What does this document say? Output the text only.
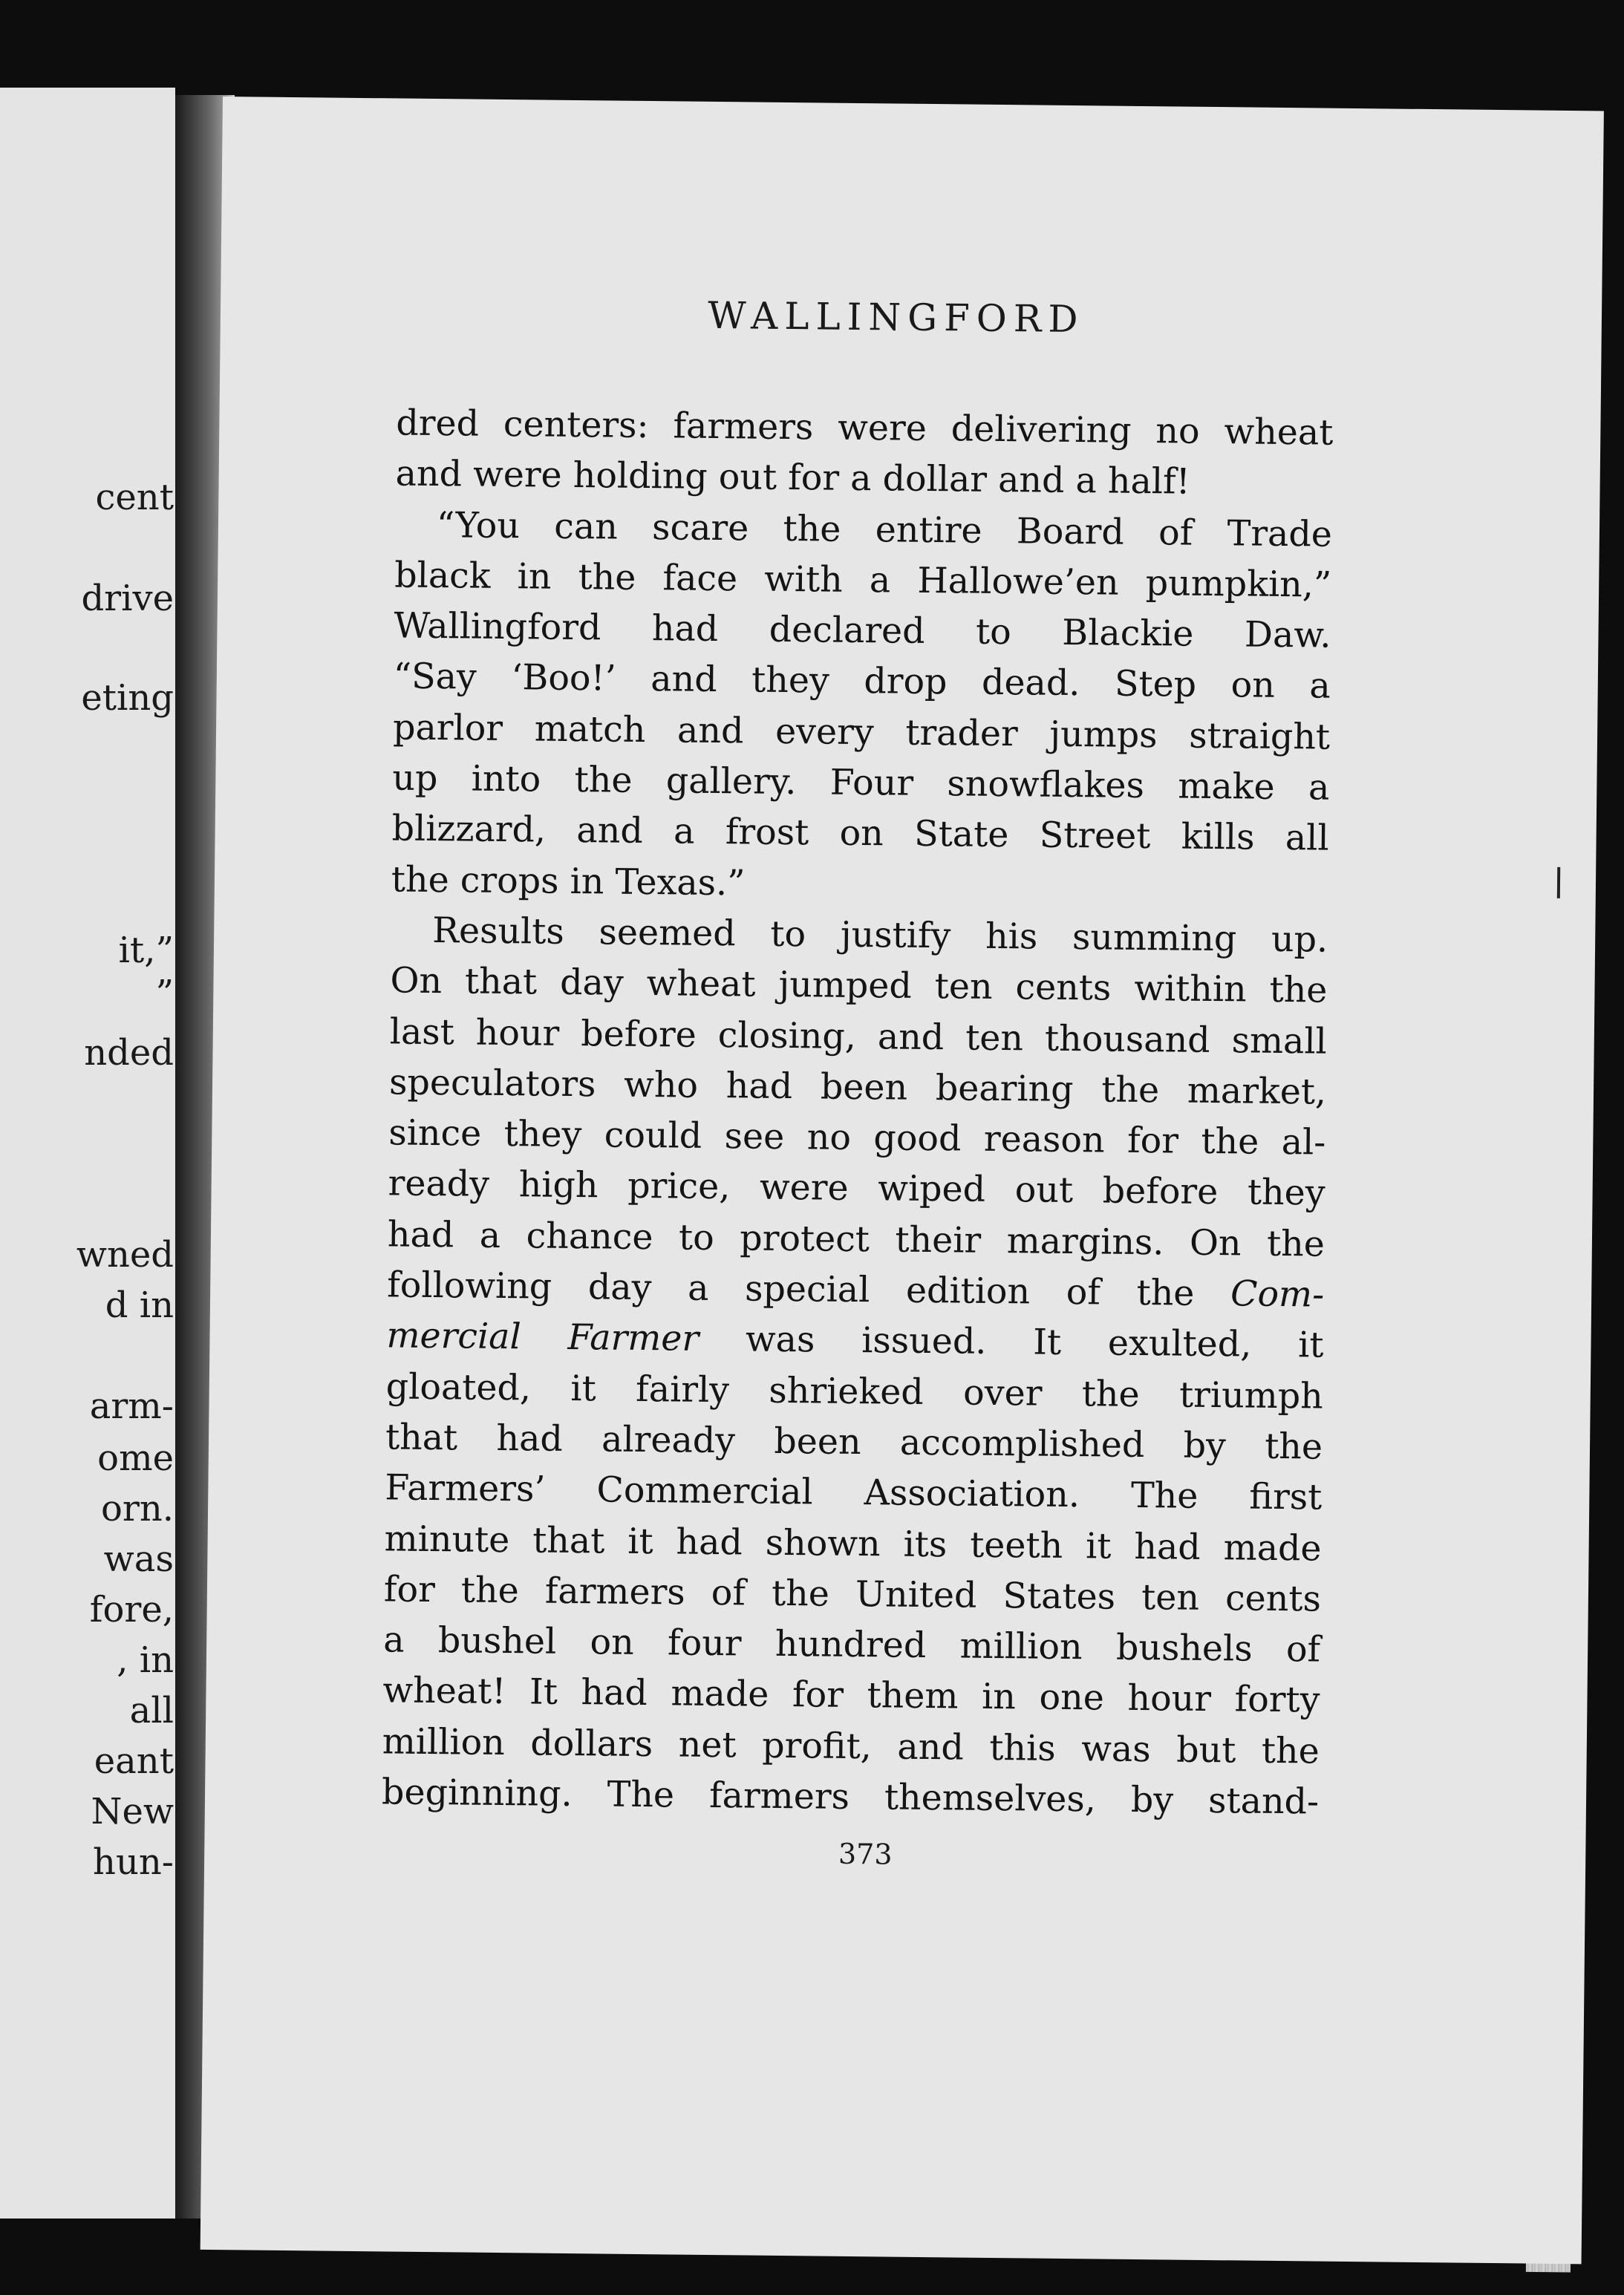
cent
drive
eting
it,”
”
nded
wned
d in
arm-
ome
orn.
was
fore,
, in
all
eant
New
hun-
WALLINGFORD
dred centers: farmers were delivering no wheat
and were holding out for a dollar and a half!
“You can scare the entire Board of Trade
black in the face with a Hallowe’en pumpkin,”
Wallingford had declared to Blackie Daw.
“Say ‘Boo!’ and they drop dead. Step on a
parlor match and every trader jumps straight
up into the gallery. Four snowflakes make a
blizzard, and a frost on State Street kills all
the crops in Texas.”
Results seemed to justify his summing up.
On that day wheat jumped ten cents within the
last hour before closing, and ten thousand small
speculators who had been bearing the market,
since they could see no good reason for the al-
ready high price, were wiped out before they
had a chance to protect their margins. On the
following day a special edition of the Com-
mercial Farmer was issued. It exulted, it
gloated, it fairly shrieked over the triumph
that had already been accomplished by the
Farmers’ Commercial Association. The first
minute that it had shown its teeth it had made
for the farmers of the United States ten cents
a bushel on four hundred million bushels of
wheat! It had made for them in one hour forty
million dollars net profit, and this was but the
beginning. The farmers themselves, by stand-
373
